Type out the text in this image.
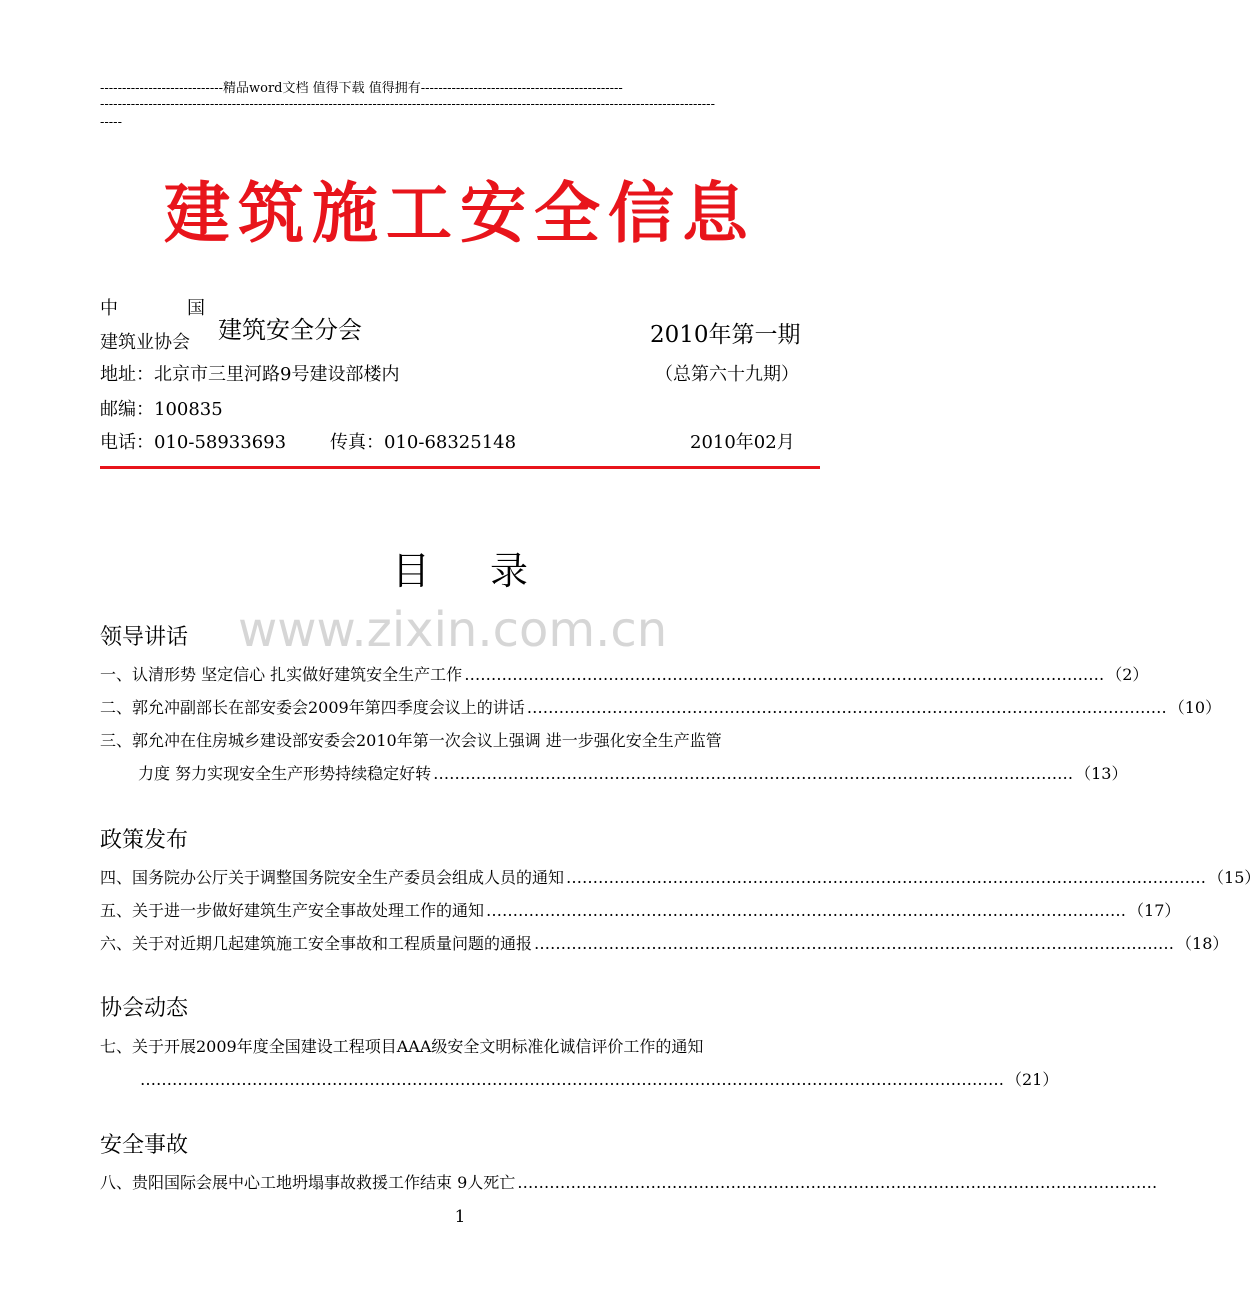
----------------------------精品word文档 值得下载 值得拥有----------------------------------------------
--------------------------------------------------------------------------------------------------------------------------------------------
-----
建筑施工安全信息
中	国
建筑业协会 建筑安全分会	2010年第一期
地址：北京市三里河路9号建设部楼内	（总第六十九期）
邮编：100835
电话：010-58933693 传真：010-68325148	2010年02月
目录
www.zixin.com.cn
领导讲话
一、认清形势 坚定信心 扎实做好建筑安全生产工作 ………………………………………………………………………………………………………… （2）
二、郭允冲副部长在部安委会2009年第四季度会议上的讲话 ………………………………………………………………………………………………………… （10）
三、郭允冲在住房城乡建设部安委会2010年第一次会议上强调 进一步强化安全生产监管
力度 努力实现安全生产形势持续稳定好转 ………………………………………………………………………………………………………… （13）
政策发布
四、国务院办公厅关于调整国务院安全生产委员会组成人员的通知 ………………………………………………………………………………………………………… （15）
五、关于进一步做好建筑生产安全事故处理工作的通知 ………………………………………………………………………………………………………… （17）
六、关于对近期几起建筑施工安全事故和工程质量问题的通报 ………………………………………………………………………………………………………… （18）
协会动态
七、关于开展2009年度全国建设工程项目AAA级安全文明标准化诚信评价工作的通知
……………………………………………………………………………………………………………………………………………… （21）
安全事故
八、贵阳国际会展中心工地坍塌事故救援工作结束 9人死亡 …………………………………………………………………………………………………………
1
